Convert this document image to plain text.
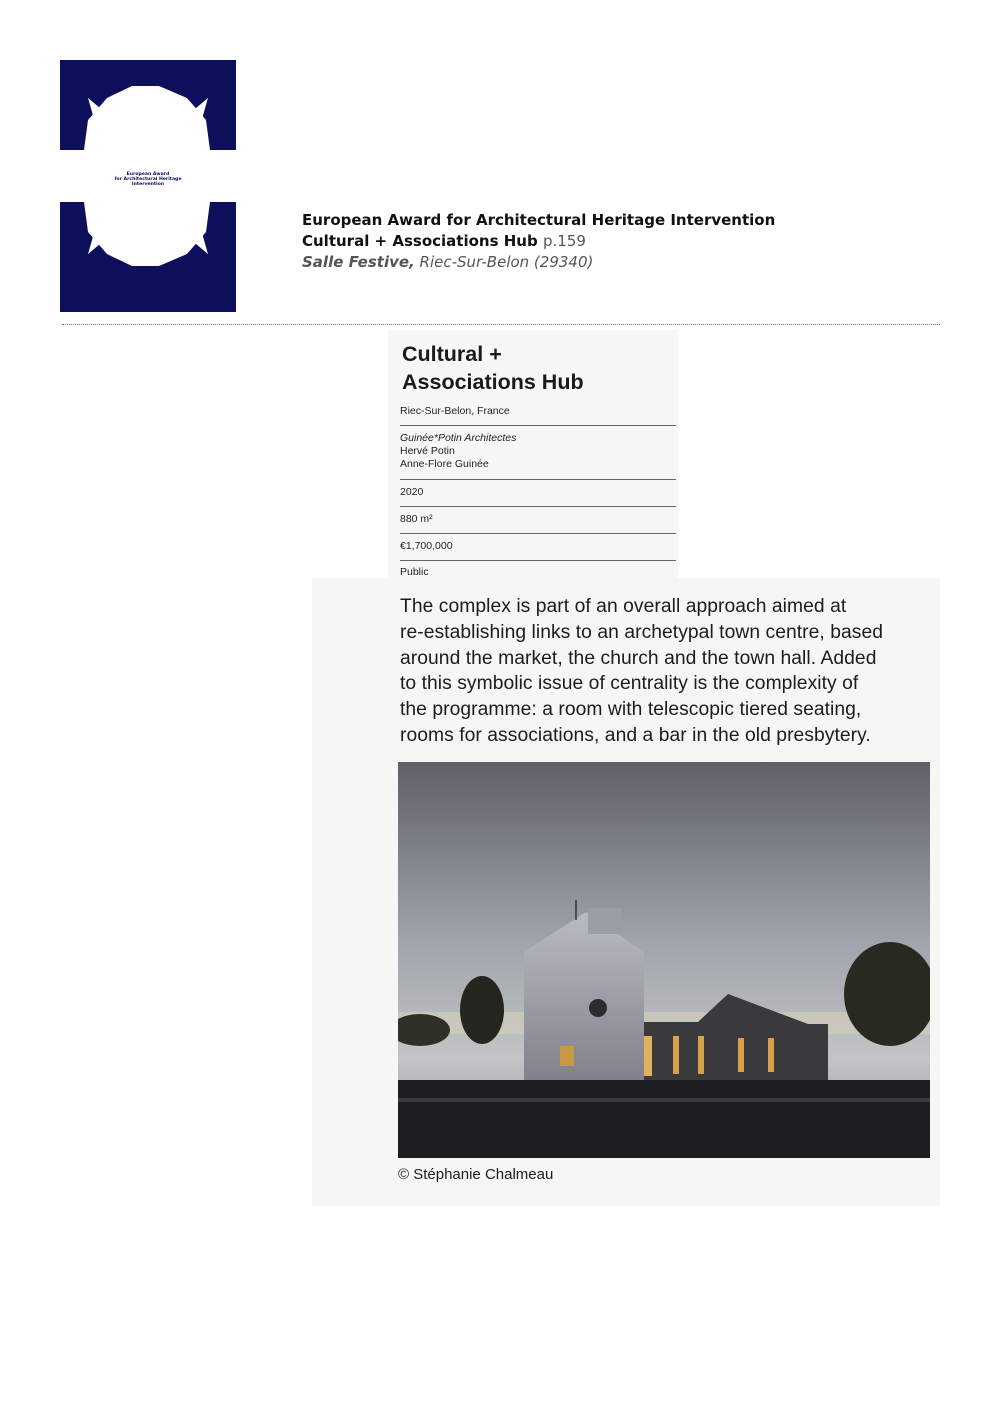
European Award
for Architectural Heritage
Intervention
European Award for Architectural Heritage Intervention
Cultural + Associations Hub p.159
Salle Festive, Riec-Sur-Belon (29340)
Cultural +
Associations Hub
Riec-Sur-Belon, France
Guinée*Potin Architectes
Hervé Potin
Anne-Flore Guinée
2020
880 m²
€1,700,000
Public
The complex is part of an overall approach aimed at
re-establishing links to an archetypal town centre, based
around the market, the church and the town hall. Added
to this symbolic issue of centrality is the complexity of
the programme: a room with telescopic tiered seating,
rooms for associations, and a bar in the old presbytery.
© Stéphanie Chalmeau
